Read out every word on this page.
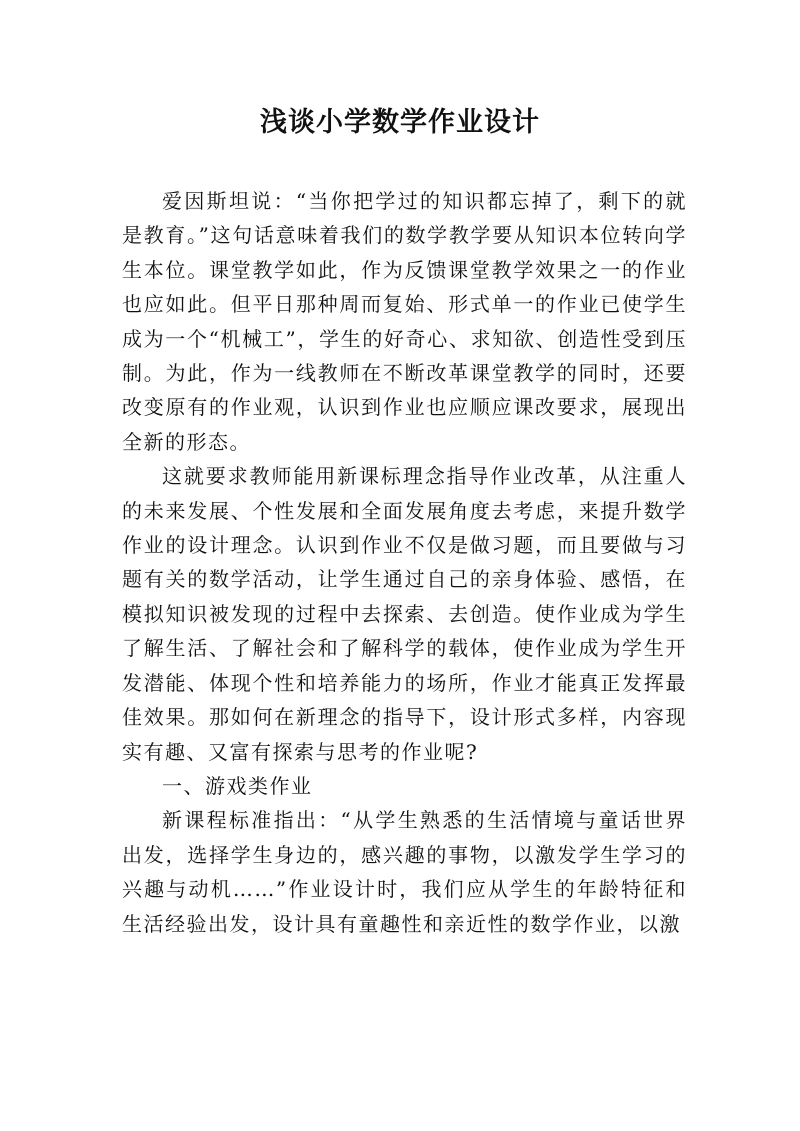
浅谈小学数学作业设计

爱因斯坦说：“当你把学过的知识都忘掉了，剩下的就是教育。”这句话意味着我们的数学教学要从知识本位转向学生本位。课堂教学如此，作为反馈课堂教学效果之一的作业也应如此。但平日那种周而复始、形式单一的作业已使学生成为一个“机械工”，学生的好奇心、求知欲、创造性受到压制。为此，作为一线教师在不断改革课堂教学的同时，还要改变原有的作业观，认识到作业也应顺应课改要求，展现出全新的形态。

这就要求教师能用新课标理念指导作业改革，从注重人的未来发展、个性发展和全面发展角度去考虑，来提升数学作业的设计理念。认识到作业不仅是做习题，而且要做与习题有关的数学活动，让学生通过自己的亲身体验、感悟，在模拟知识被发现的过程中去探索、去创造。使作业成为学生了解生活、了解社会和了解科学的载体，使作业成为学生开发潜能、体现个性和培养能力的场所，作业才能真正发挥最佳效果。那如何在新理念的指导下，设计形式多样，内容现实有趣、又富有探索与思考的作业呢?

一、游戏类作业

新课程标准指出：“从学生熟悉的生活情境与童话世界出发，选择学生身边的，感兴趣的事物，以激发学生学习的兴趣与动机……”作业设计时，我们应从学生的年龄特征和生活经验出发，设计具有童趣性和亲近性的数学作业，以激
